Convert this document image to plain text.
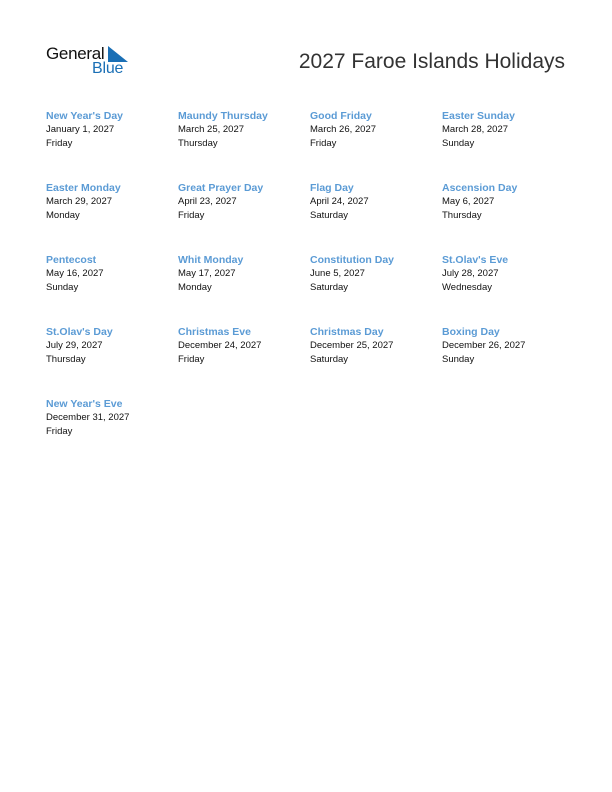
General
Blue	2027 Faroe Islands Holidays
New Year's Day
January 1, 2027
Friday
Maundy Thursday
March 25, 2027
Thursday
Good Friday
March 26, 2027
Friday
Easter Sunday
March 28, 2027
Sunday
Easter Monday
March 29, 2027
Monday
Great Prayer Day
April 23, 2027
Friday
Flag Day
April 24, 2027
Saturday
Ascension Day
May 6, 2027
Thursday
Pentecost
May 16, 2027
Sunday
Whit Monday
May 17, 2027
Monday
Constitution Day
June 5, 2027
Saturday
St.Olav's Eve
July 28, 2027
Wednesday
St.Olav's Day
July 29, 2027
Thursday
Christmas Eve
December 24, 2027
Friday
Christmas Day
December 25, 2027
Saturday
Boxing Day
December 26, 2027
Sunday
New Year's Eve
December 31, 2027
Friday
